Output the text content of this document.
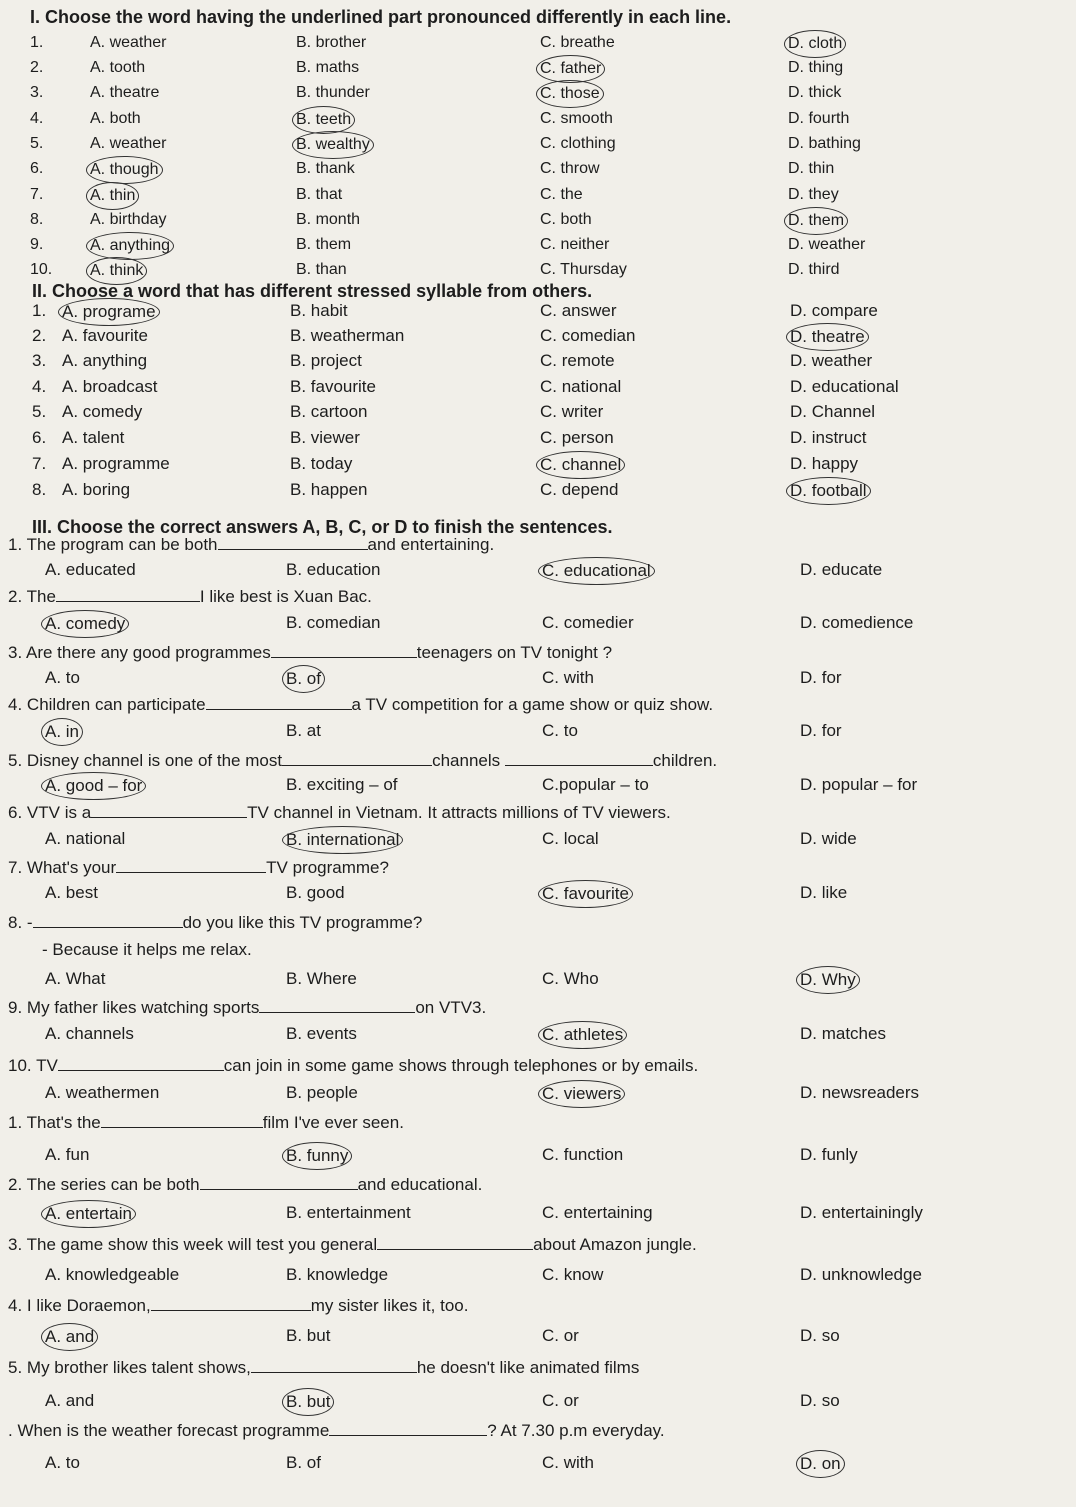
I. Choose the word having the underlined part pronounced differently in each line.
1.	A. weather	B. brother	C. breathe	D. cloth
2.	A. tooth	B. maths	C. father	D. thing
3.	A. theatre	B. thunder	C. those	D. thick
4.	A. both	B. teeth	C. smooth	D. fourth
5.	A. weather	B. wealthy	C. clothing	D. bathing
6.	A. though	B. thank	C. throw	D. thin
7.	A. thin	B. that	C. the	D. they
8.	A. birthday	B. month	C. both	D. them
9.	A. anything	B. them	C. neither	D. weather
10. A. think	B. than	C. Thursday	D. third
II. Choose a word that has different stressed syllable from others.
1. A. programe	B. habit	C. answer	D. compare
2. A. favourite	B. weatherman	C. comedian	D. theatre
3. A. anything	B. project	C. remote	D. weather
4. A. broadcast	B. favourite	C. national	D. educational
5. A. comedy	B. cartoon	C. writer	D. Channel
6. A. talent	B. viewer	C. person	D. instruct
7. A. programme	B. today	C. channel	D. happy
8. A. boring	B. happen	C. depend	D. football
III. Choose the correct answers A, B, C, or D to finish the sentences.
1. The program can be both	and entertaining.
A. educated	B. education	C. educational	D. educate
2. The	I like best is Xuan Bac.
A. comedy	B. comedian	C. comedier	D. comedience
3. Are there any good programmes	teenagers on TV tonight ?
A. to	B. of	C. with	D. for
4. Children can participate	a TV competition for a game show or quiz show.
A. in	B. at	C. to	D. for
5. Disney channel is one of the most	channels	children.
A. good – for	B. exciting – of	C.popular – to	D. popular – for
6. VTV is a	TV channel in Vietnam. It attracts millions of TV viewers.
A. national	B. international	C. local	D. wide
7. What's your	TV programme?
A. best	B. good	C. favourite	D. like
8. -	do you like this TV programme?
- Because it helps me relax.
A. What	B. Where	C. Who	D. Why
9. My father likes watching sports	on VTV3.
A. channels	B. events	C. athletes	D. matches
10. TV	can join in some game shows through telephones or by emails.
A. weathermen	B. people	C. viewers	D. newsreaders
1. That's the	film I've ever seen.
A. fun	B. funny	C. function	D. funly
2. The series can be both	and educational.
A. entertain	B. entertainment	C. entertaining	D. entertainingly
3. The game show this week will test you general	about Amazon jungle.
A. knowledgeable	B. knowledge	C. know	D. unknowledge
4. I like Doraemon,	my sister likes it, too.
A. and	B. but	C. or	D. so
5. My brother likes talent shows,	he doesn't like animated films
A. and	B. but	C. or	D. so
. When is the weather forecast programme	? At 7.30 p.m everyday.
A. to	B. of	C. with	D. on
